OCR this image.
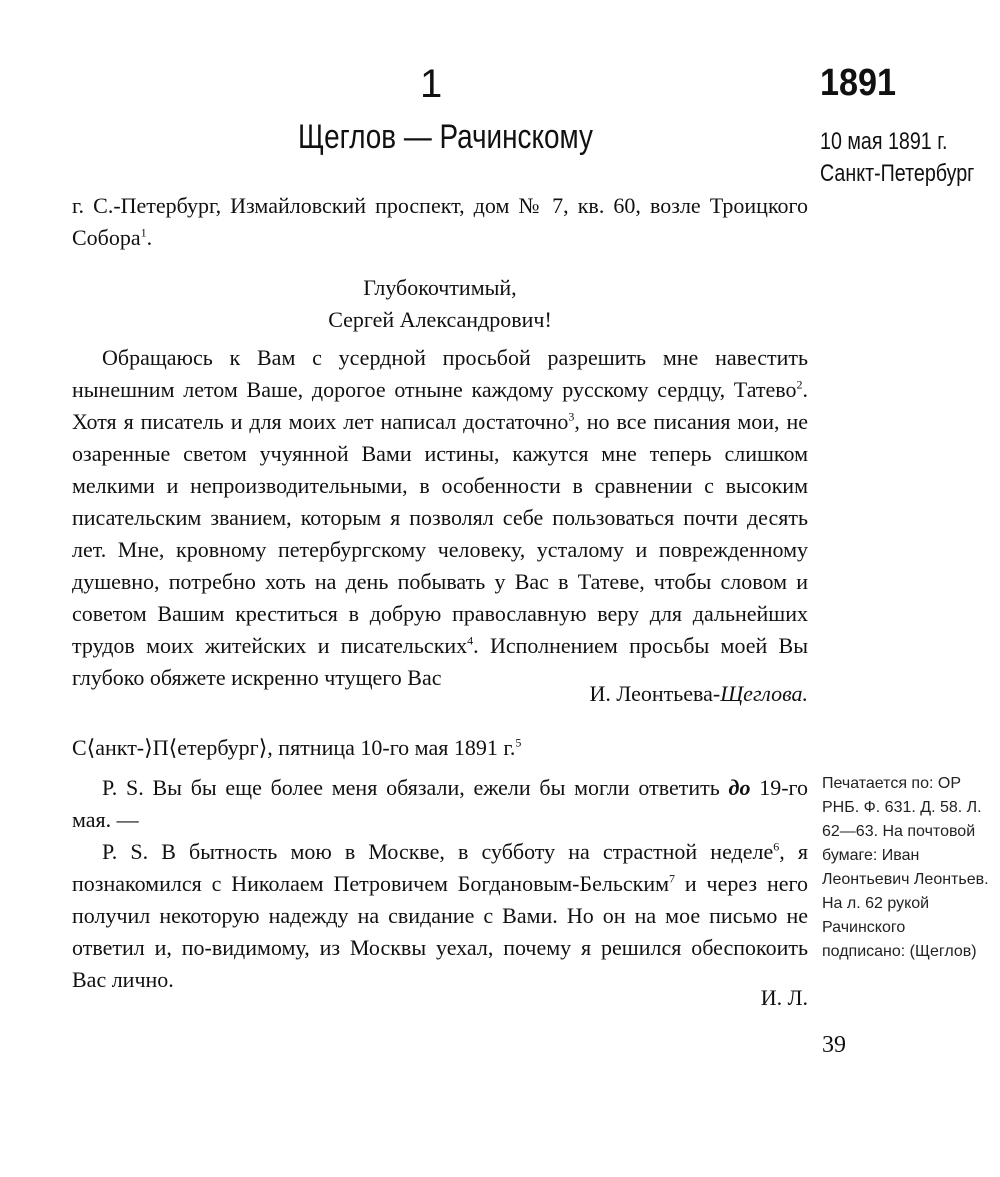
1
Щеглов — Рачинскому
1891
10 мая 1891 г.
Санкт-Петербург
г. С.-Петербург, Измайловский проспект, дом № 7, кв. 60, возле Троицкого Собора$^1$.
Глубокочтимый,
Сергей Александрович!
Обращаюсь к Вам с усердной просьбой разрешить мне навестить нынешним летом Ваше, дорогое отныне каждому русскому сердцу, Татево$^2$. Хотя я писатель и для моих лет написал достаточно$^3$, но все писания мои, не озаренные светом учуянной Вами истины, кажутся мне теперь слишком мелкими и непроизводительными, в особенности в сравнении с высоким писательским званием, которым я позволял себе пользоваться почти десять лет. Мне, кровному петербургскому человеку, усталому и поврежденному душевно, потребно хоть на день побывать у Вас в Татеве, чтобы словом и советом Вашим креститься в добрую православную веру для дальнейших трудов моих житейских и писательских$^4$. Исполнением просьбы моей Вы глубоко обяжете искренно чтущего Вас
И. Леонтьева-Щеглова.
С⟨анкт-⟩П⟨етербург⟩, пятница 10-го мая 1891 г.$^5$
P. S. Вы бы еще более меня обязали, ежели бы могли ответить до 19-го мая. —
P. S. В бытность мою в Москве, в субботу на страстной неделе$^6$, я познакомился с Николаем Петровичем Богдановым-Бельским$^7$ и через него получил некоторую надежду на свидание с Вами. Но он на мое письмо не ответил и, по-видимому, из Москвы уехал, почему я решился обеспокоить Вас лично.
И. Л.
Печатается по: ОР РНБ. Ф. 631. Д. 58. Л. 62—63. На почтовой бумаге: Иван Леонтьевич Леонтьев. На л. 62 рукой Рачинского подписано: (Щеглов)
39
